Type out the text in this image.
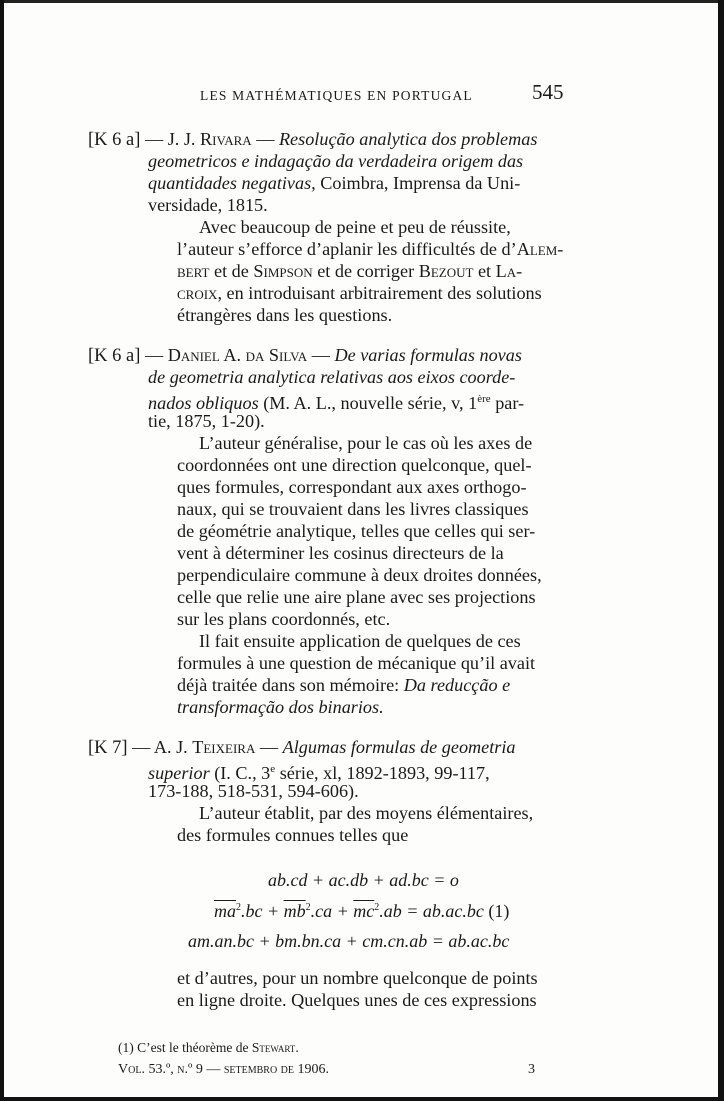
LES MATHÉMATIQUES EN PORTUGAL	545
[K 6 a] — J. J. Rivara — Resolução analytica dos problemas
geometricos e indagação da verdadeira origem das
quantidades negativas, Coimbra, Imprensa da Uni-
versidade, 1815.
Avec beaucoup de peine et peu de réussite,
l’auteur s’efforce d’aplanir les difficultés de d’Alem-
bert et de Simpson et de corriger Bezout et La-
croix, en introduisant arbitrairement des solutions
étrangères dans les questions.
[K 6 a] — Daniel A. da Silva — De varias formulas novas
de geometria analytica relativas aos eixos coorde-
nados obliquos (M. A. L., nouvelle série, v, 1ère par-
tie, 1875, 1-20).
L’auteur généralise, pour le cas où les axes de
coordonnées ont une direction quelconque, quel-
ques formules, correspondant aux axes orthogo-
naux, qui se trouvaient dans les livres classiques
de géométrie analytique, telles que celles qui ser-
vent à déterminer les cosinus directeurs de la
perpendiculaire commune à deux droites données,
celle que relie une aire plane avec ses projections
sur les plans coordonnés, etc.
Il fait ensuite application de quelques de ces
formules à une question de mécanique qu’il avait
déjà traitée dans son mémoire: Da reducção e
transformação dos binarios.
[K 7] — A. J. Teixeira — Algumas formulas de geometria
superior (I. C., 3e série, xl, 1892-1893, 99-117,
173-188, 518-531, 594-606).
L’auteur établit, par des moyens élémentaires,
des formules connues telles que
ab.cd + ac.db + ad.bc = o
$\overline{ma}^2.bc + \overline{mb}^2.ca + \overline{mc}^2.ab = ab.ac.bc$ (1)
am.an.bc + bm.bn.ca + cm.cn.ab = ab.ac.bc
et d’autres, pour un nombre quelconque de points
en ligne droite. Quelques unes de ces expressions
(1) C’est le théorème de Stewart.
Vol. 53.º, n.º 9 — setembro de 1906.	3
